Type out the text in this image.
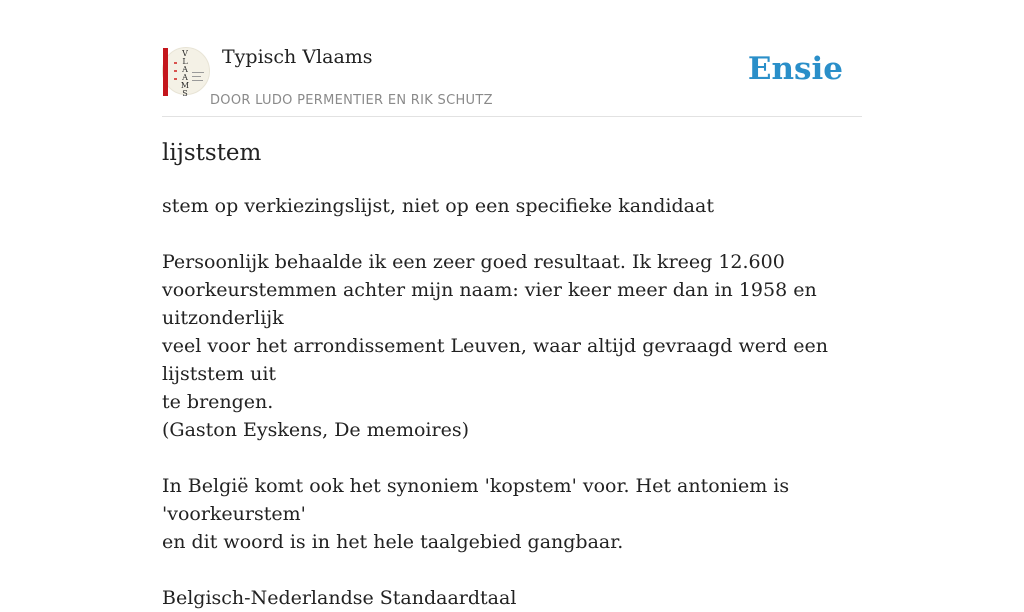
V
L
A
A
M
S
Typisch Vlaams
DOOR LUDO PERMENTIER EN RIK SCHUTZ
Ensie
lijststem

stem op verkiezingslijst, niet op een specifieke kandidaat

Persoonlijk behaalde ik een zeer goed resultaat. Ik kreeg 12.600

voorkeurstemmen achter mijn naam: vier keer meer dan in 1958 en uitzonderlijk

veel voor het arrondissement Leuven, waar altijd gevraagd werd een lijststem uit

te brengen.

(Gaston Eyskens, De memoires)

In België komt ook het synoniem 'kopstem' voor. Het antoniem is 'voorkeurstem'

en dit woord is in het hele taalgebied gangbaar.

Belgisch-Nederlandse Standaardtaal
